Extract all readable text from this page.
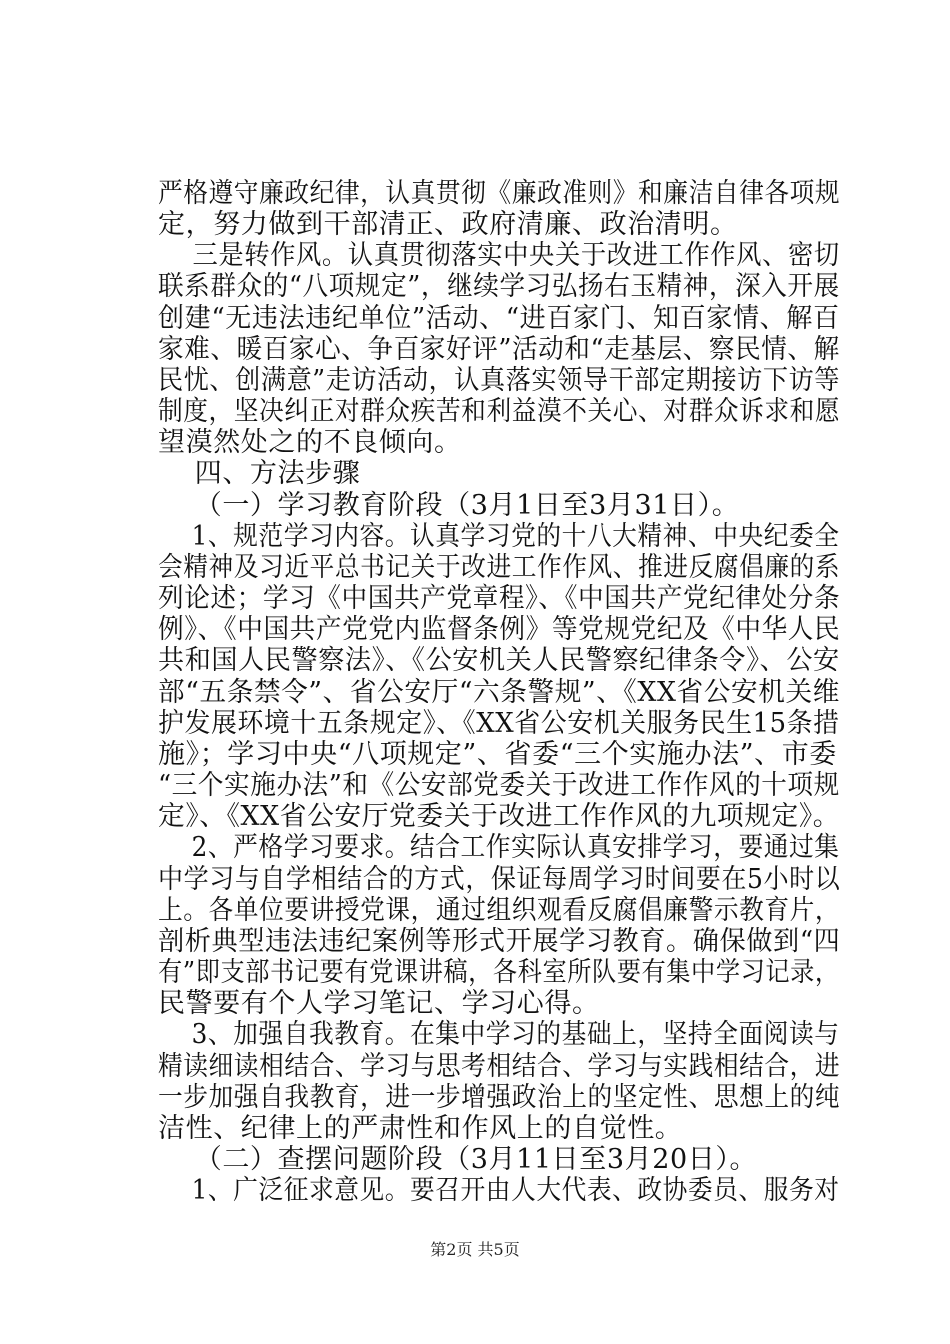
严格遵守廉政纪律，认真贯彻《廉政准则》和廉洁自律各项规
定，努力做到干部清正、政府清廉、政治清明。
三是转作风。认真贯彻落实中央关于改进工作作风、密切
联系群众的“八项规定”，继续学习弘扬右玉精神，深入开展
创建“无违法违纪单位”活动、“进百家门、知百家情、解百
家难、暖百家心、争百家好评”活动和“走基层、察民情、解
民忧、创满意”走访活动，认真落实领导干部定期接访下访等
制度，坚决纠正对群众疾苦和利益漠不关心、对群众诉求和愿
望漠然处之的不良倾向。
四、方法步骤
（一）学习教育阶段（3月1日至3月31日）。
1、规范学习内容。认真学习党的十八大精神、中央纪委全
会精神及习近平总书记关于改进工作作风、推进反腐倡廉的系
列论述；学习《中国共产党章程》、《中国共产党纪律处分条
例》、《中国共产党党内监督条例》等党规党纪及《中华人民
共和国人民警察法》、《公安机关人民警察纪律条令》、公安
部“五条禁令”、省公安厅“六条警规”、《XX省公安机关维
护发展环境十五条规定》、《XX省公安机关服务民生15条措
施》；学习中央“八项规定”、省委“三个实施办法”、市委
“三个实施办法”和《公安部党委关于改进工作作风的十项规
定》、《XX省公安厅党委关于改进工作作风的九项规定》。
2、严格学习要求。结合工作实际认真安排学习，要通过集
中学习与自学相结合的方式，保证每周学习时间要在5小时以
上。各单位要讲授党课，通过组织观看反腐倡廉警示教育片，
剖析典型违法违纪案例等形式开展学习教育。确保做到“四
有”即支部书记要有党课讲稿，各科室所队要有集中学习记录，
民警要有个人学习笔记、学习心得。
3、加强自我教育。在集中学习的基础上，坚持全面阅读与
精读细读相结合、学习与思考相结合、学习与实践相结合，进
一步加强自我教育，进一步增强政治上的坚定性、思想上的纯
洁性、纪律上的严肃性和作风上的自觉性。
（二）查摆问题阶段（3月11日至3月20日）。
1、广泛征求意见。要召开由人大代表、政协委员、服务对
第2页 共5页
